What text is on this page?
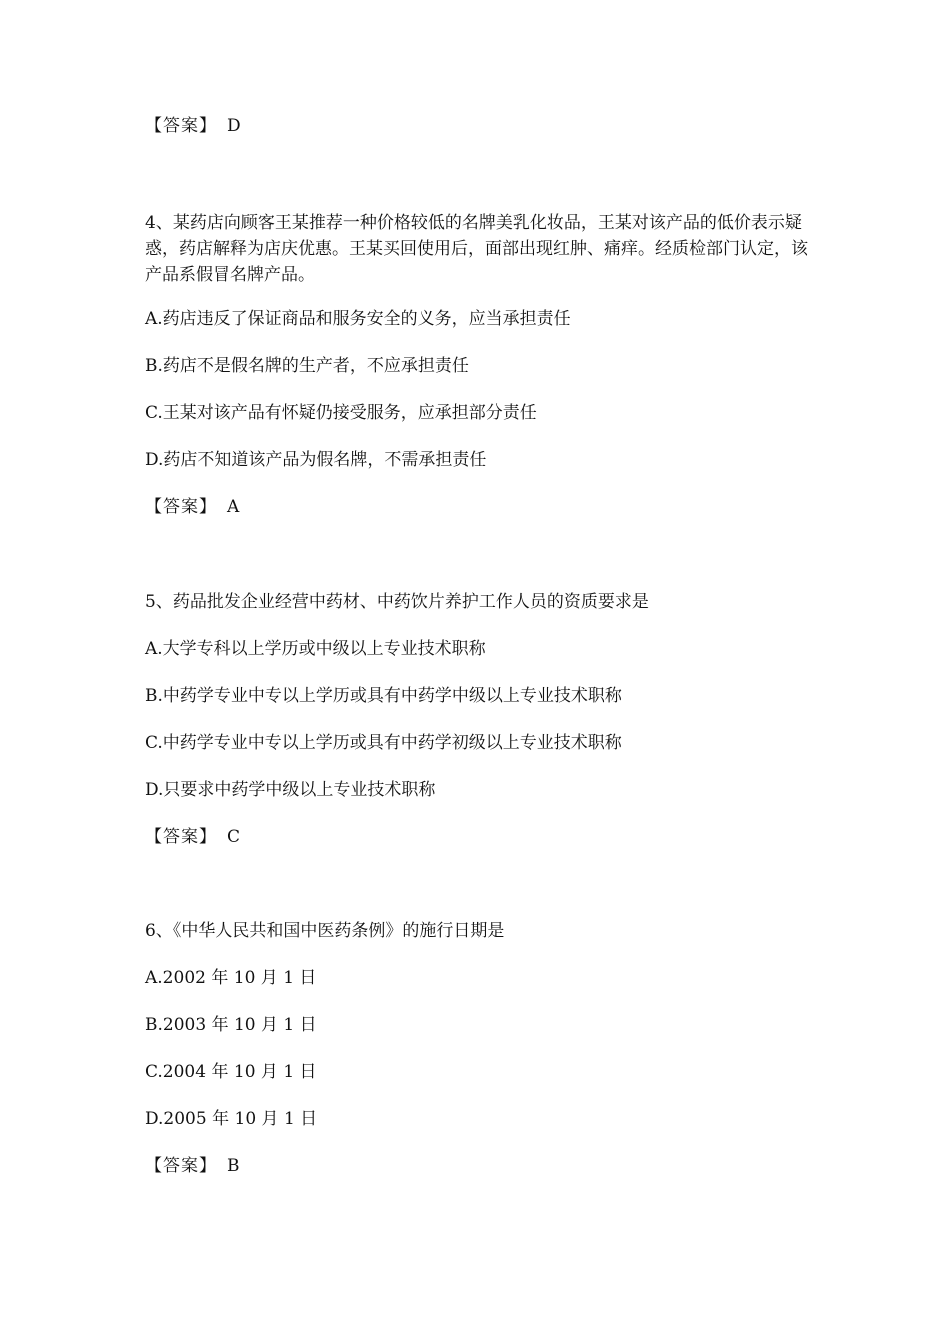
【答案】 D
4、某药店向顾客王某推荐一种价格较低的名牌美乳化妆品，王某对该产品的低价表示疑惑，药店解释为店庆优惠。王某买回使用后，面部出现红肿、痛痒。经质检部门认定，该产品系假冒名牌产品。
A.药店违反了保证商品和服务安全的义务，应当承担责任
B.药店不是假名牌的生产者，不应承担责任
C.王某对该产品有怀疑仍接受服务，应承担部分责任
D.药店不知道该产品为假名牌，不需承担责任
【答案】 A
5、药品批发企业经营中药材、中药饮片养护工作人员的资质要求是
A.大学专科以上学历或中级以上专业技术职称
B.中药学专业中专以上学历或具有中药学中级以上专业技术职称
C.中药学专业中专以上学历或具有中药学初级以上专业技术职称
D.只要求中药学中级以上专业技术职称
【答案】 C
6、《中华人民共和国中医药条例》的施行日期是
A.2002 年 10 月 1 日
B.2003 年 10 月 1 日
C.2004 年 10 月 1 日
D.2005 年 10 月 1 日
【答案】 B
